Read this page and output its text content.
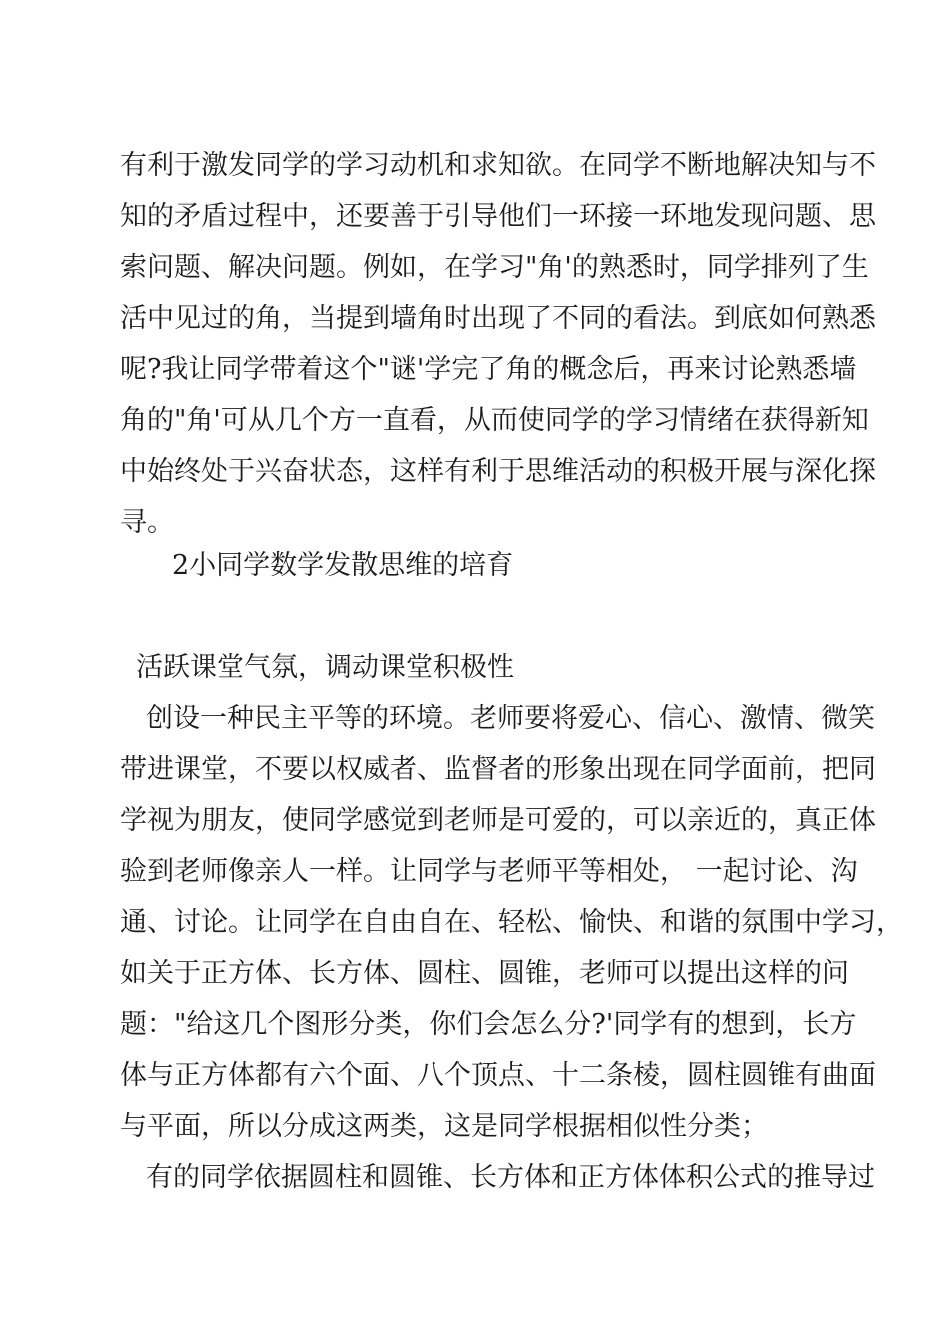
有利于激发同学的学习动机和求知欲。在同学不断地解决知与不
知的矛盾过程中，还要善于引导他们一环接一环地发现问题、思
索问题、解决问题。例如，在学习"角'的熟悉时，同学排列了生
活中见过的角，当提到墙角时出现了不同的看法。到底如何熟悉
呢?我让同学带着这个"谜'学完了角的概念后，再来讨论熟悉墙
角的"角'可从几个方一直看，从而使同学的学习情绪在获得新知
中始终处于兴奋状态，这样有利于思维活动的积极开展与深化探
寻。
2小同学数学发散思维的培育
活跃课堂气氛，调动课堂积极性
创设一种民主平等的环境。老师要将爱心、信心、激情、微笑
带进课堂，不要以权威者、监督者的形象出现在同学面前，把同
学视为朋友，使同学感觉到老师是可爱的，可以亲近的，真正体
验到老师像亲人一样。让同学与老师平等相处， 一起讨论、沟
通、讨论。让同学在自由自在、轻松、愉快、和谐的氛围中学习，
如关于正方体、长方体、圆柱、圆锥，老师可以提出这样的问
题："给这几个图形分类，你们会怎么分?'同学有的想到，长方
体与正方体都有六个面、八个顶点、十二条棱，圆柱圆锥有曲面
与平面，所以分成这两类，这是同学根据相似性分类；
有的同学依据圆柱和圆锥、长方体和正方体体积公式的推导过
